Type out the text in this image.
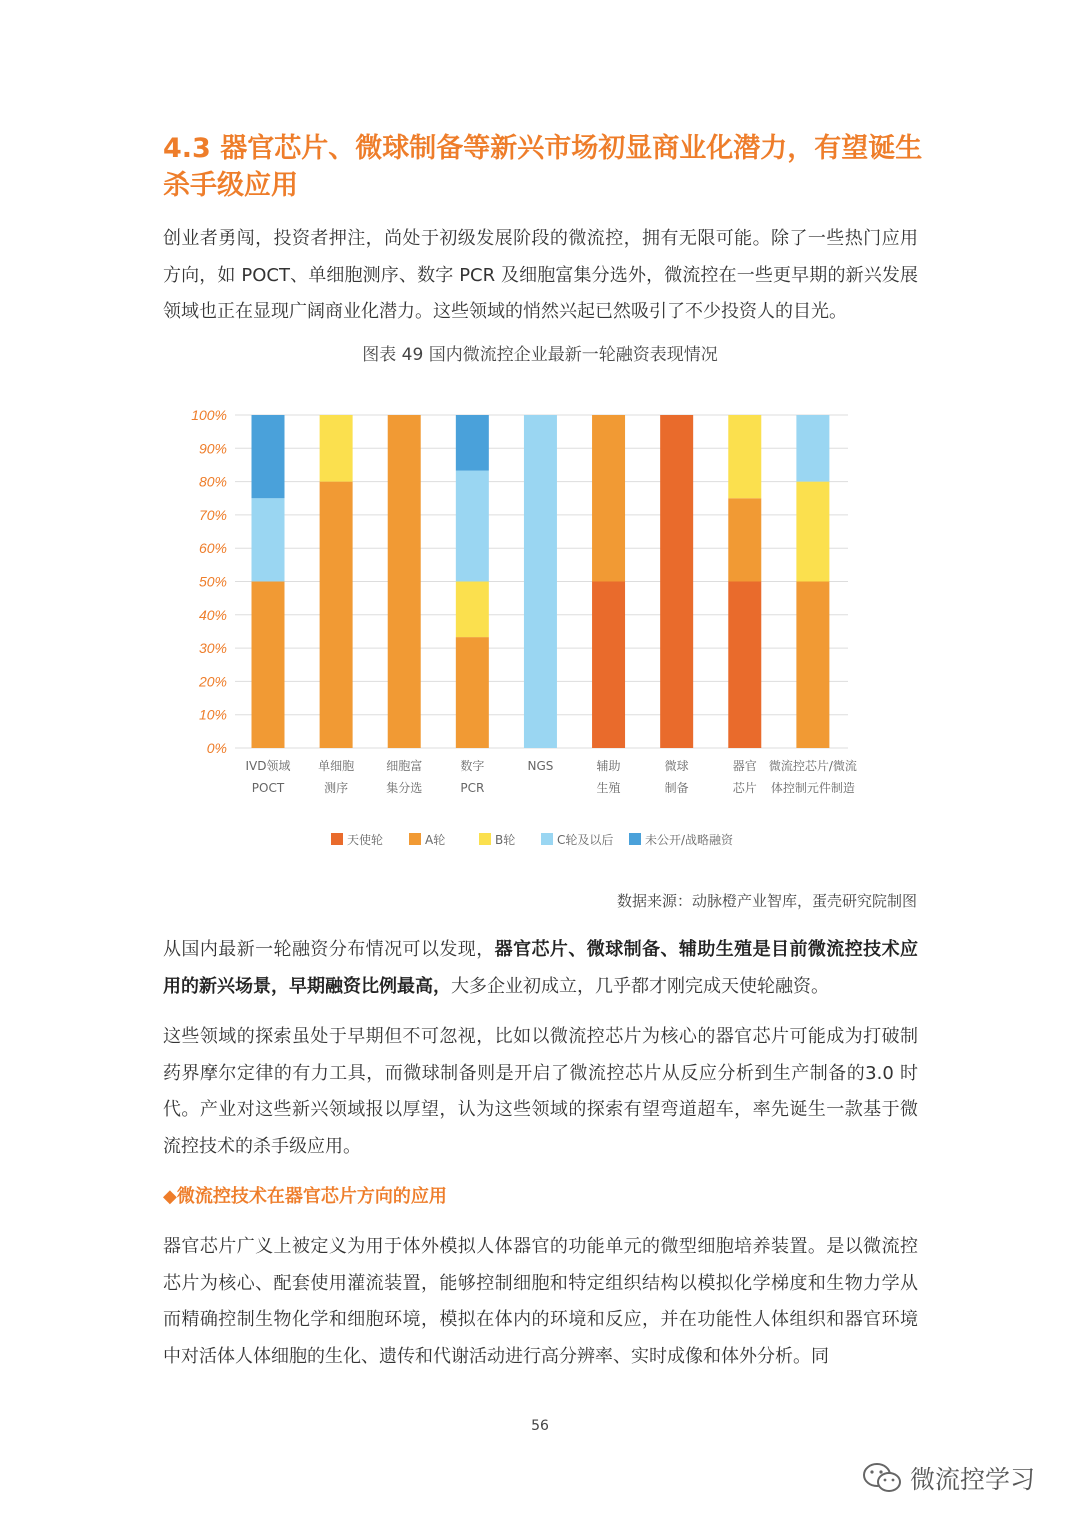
4.3 器官芯片、微球制备等新兴市场初显商业化潜力，有望诞生杀手级应用

创业者勇闯，投资者押注，尚处于初级发展阶段的微流控，拥有无限可能。除了一些热门应用方向，如 POCT、单细胞测序、数字 PCR 及细胞富集分选外，微流控在一些更早期的新兴发展领域也正在显现广阔商业化潜力。这些领域的悄然兴起已然吸引了不少投资人的目光。

图表 49 国内微流控企业最新一轮融资表现情况

0%
10%
20%
30%
40%
50%
60%
70%
80%
90%
100%
IVD领域
POCT
单细胞
测序
细胞富
集分选
数字
PCR
NGS	辅助
生殖
微球
制备
器官
芯片
微流控芯片/微流
体控制元件制造
天使轮	A轮	B轮	C轮及以后	未公开/战略融资
数据来源：动脉橙产业智库，蛋壳研究院制图

从国内最新一轮融资分布情况可以发现，器官芯片、微球制备、辅助生殖是目前微流控技术应用的新兴场景，早期融资比例最高，大多企业初成立，几乎都才刚完成天使轮融资。

这些领域的探索虽处于早期但不可忽视，比如以微流控芯片为核心的器官芯片可能成为打破制药界摩尔定律的有力工具，而微球制备则是开启了微流控芯片从反应分析到生产制备的3.0 时代。产业对这些新兴领域报以厚望，认为这些领域的探索有望弯道超车，率先诞生一款基于微流控技术的杀手级应用。

◆微流控技术在器官芯片方向的应用

器官芯片广义上被定义为用于体外模拟人体器官的功能单元的微型细胞培养装置。是以微流控芯片为核心、配套使用灌流装置，能够控制细胞和特定组织结构以模拟化学梯度和生物力学从而精确控制生物化学和细胞环境，模拟在体内的环境和反应，并在功能性人体组织和器官环境中对活体人体细胞的生化、遗传和代谢活动进行高分辨率、实时成像和体外分析。同

56
微流控学习
